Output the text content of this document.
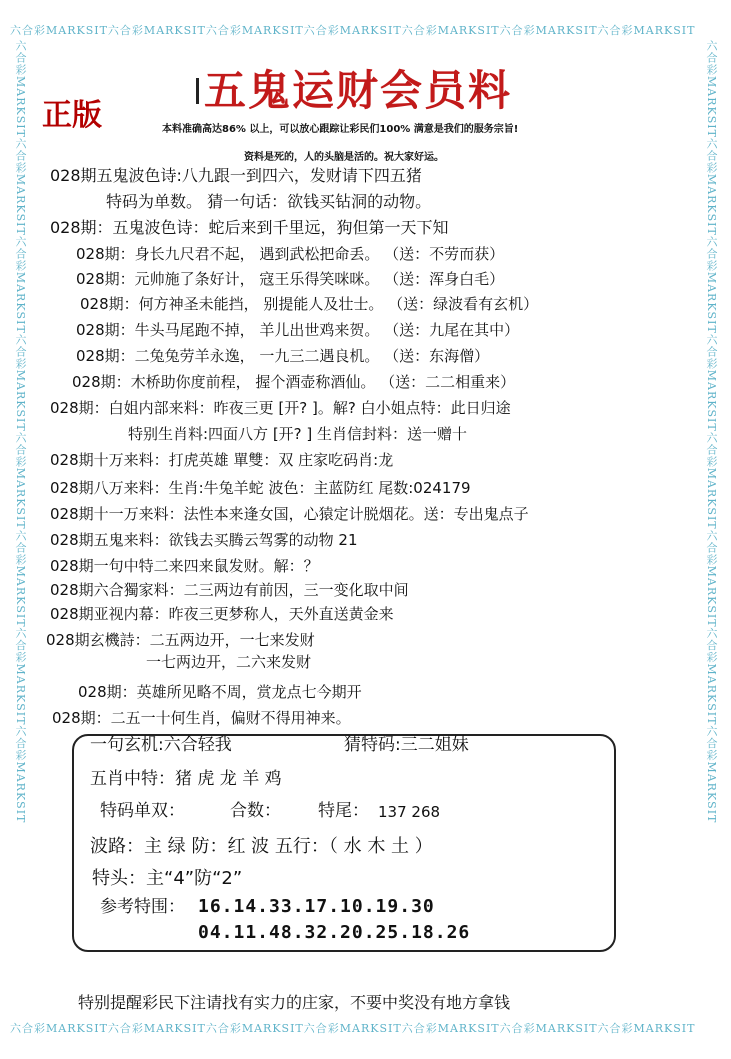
六合彩MARKSIT六合彩MARKSIT六合彩MARKSIT六合彩MARKSIT六合彩MARKSIT六合彩MARKSIT六合彩MARKSIT
六合彩MARKSIT六合彩MARKSIT六合彩MARKSIT六合彩MARKSIT六合彩MARKSIT六合彩MARKSIT六合彩MARKSIT
六合彩MARKSIT六合彩MARKSIT六合彩MARKSIT六合彩MARKSIT六合彩MARKSIT六合彩MARKSIT六合彩MARKSIT六合彩MARKSIT	六合彩MARKSIT六合彩MARKSIT六合彩MARKSIT六合彩MARKSIT六合彩MARKSIT六合彩MARKSIT六合彩MARKSIT六合彩MARKSIT
正版
五鬼运财会员料
本料准确高达86% 以上，可以放心跟踪让彩民们100% 满意是我们的服务宗旨!
资料是死的，人的头脑是活的。祝大家好运。
028期五鬼波色诗:八九跟一到四六，发财请下四五猪
特码为单数。 猜一句话：欲钱买钻洞的动物。
028期：五鬼波色诗：蛇后来到千里远，狗但第一天下知
028期：身长九尺君不起， 遇到武松把命丢。 （送：不劳而获）
028期：元帅施了条好计， 寇王乐得笑咪咪。 （送：浑身白毛）
028期：何方神圣未能挡， 别提能人及壮士。 （送：绿波看有玄机）
028期：牛头马尾跑不掉， 羊儿出世鸡来贺。 （送：九尾在其中）
028期：二兔兔劳羊永逸， 一九三二遇良机。 （送：东海僧）
028期：木桥助你度前程， 握个酒壶称酒仙。 （送：二二相重来）
028期：白姐内部来料：昨夜三更 [开? ]。解? 白小姐点特：此日归途
特别生肖料:四面八方 [开? ] 生肖信封料：送一赠十
028期十万来料：打虎英雄 單雙：双 庄家吃码肖:龙
028期八万来料：生肖:牛兔羊蛇 波色：主蓝防红 尾数:024179
028期十一万来料：法性本来逢女国，心猿定计脱烟花。送：专出鬼点子
028期五鬼来料：欲钱去买腾云驾雾的动物 21
028期一句中特二来四来鼠发财。解：？
028期六合獨家料：二三两边有前因，三一变化取中间
028期亚视内幕：昨夜三更梦称人，天外直送黄金来
028期玄機詩：二五两边开，一七来发财
一七两边开，二六来发财
028期：英雄所见略不周，赏龙点七今期开
028期：二五一十何生肖，偏财不得用神来。
一句玄机:六合轻我	猜特码:三二姐妹
五肖中特：猪 虎 龙 羊 鸡
特码单双：	合数： 特尾： 137 268
波路：主 绿 防：红 波 五行：（ 水 木 土 ）
特头：主“4”防“2”
参考特围： 16.14.33.17.10.19.30
04.11.48.32.20.25.18.26
特别提醒彩民下注请找有实力的庄家，不要中奖没有地方拿钱
